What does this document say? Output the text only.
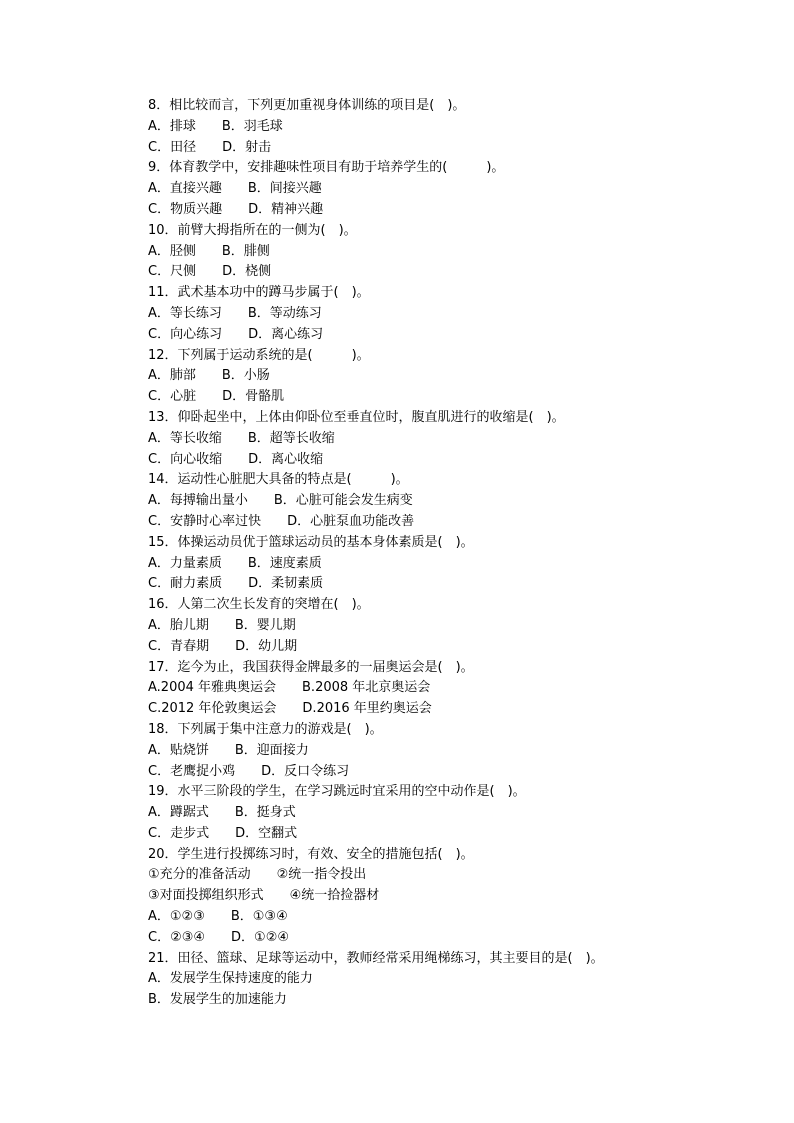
8．相比较而言，下列更加重视身体训练的项目是(　)。
A．排球　　B．羽毛球
C．田径　　D．射击
9．体育教学中，安排趣味性项目有助于培养学生的(　　　)。
A．直接兴趣　　B．间接兴趣
C．物质兴趣　　D．精神兴趣
10．前臂大拇指所在的一侧为(　)。
A．胫侧　　B．腓侧
C．尺侧　　D．桡侧
11．武术基本功中的蹲马步属于(　)。
A．等长练习　　B．等动练习
C．向心练习　　D．离心练习
12．下列属于运动系统的是(　　　)。
A．肺部　　B．小肠
C．心脏　　D．骨骼肌
13．仰卧起坐中，上体由仰卧位至垂直位时，腹直肌进行的收缩是(　)。
A．等长收缩　　B．超等长收缩
C．向心收缩　　D．离心收缩
14．运动性心脏肥大具备的特点是(　　　)。
A．每搏输出量小　　B．心脏可能会发生病变
C．安静时心率过快　　D．心脏泵血功能改善
15．体操运动员优于篮球运动员的基本身体素质是(　)。
A．力量素质　　B．速度素质
C．耐力素质　　D．柔韧素质
16．人第二次生长发育的突增在(　)。
A．胎儿期　　B．婴儿期
C．青春期　　D．幼儿期
17．迄今为止，我国获得金牌最多的一届奥运会是(　)。
A.2004 年雅典奥运会　　B.2008 年北京奥运会
C.2012 年伦敦奥运会　　D.2016 年里约奥运会
18．下列属于集中注意力的游戏是(　)。
A．贴烧饼　　B．迎面接力
C．老鹰捉小鸡　　D．反口令练习
19．水平三阶段的学生，在学习跳远时宜采用的空中动作是(　)。
A．蹲踞式　　B．挺身式
C．走步式　　D．空翻式
20．学生进行投掷练习时，有效、安全的措施包括(　)。
①充分的准备活动　　②统一指令投出
③对面投掷组织形式　　④统一拾捡器材
A．①②③　　B．①③④
C．②③④　　D．①②④
21．田径、篮球、足球等运动中，教师经常采用绳梯练习，其主要目的是(　)。
A．发展学生保持速度的能力
B．发展学生的加速能力
